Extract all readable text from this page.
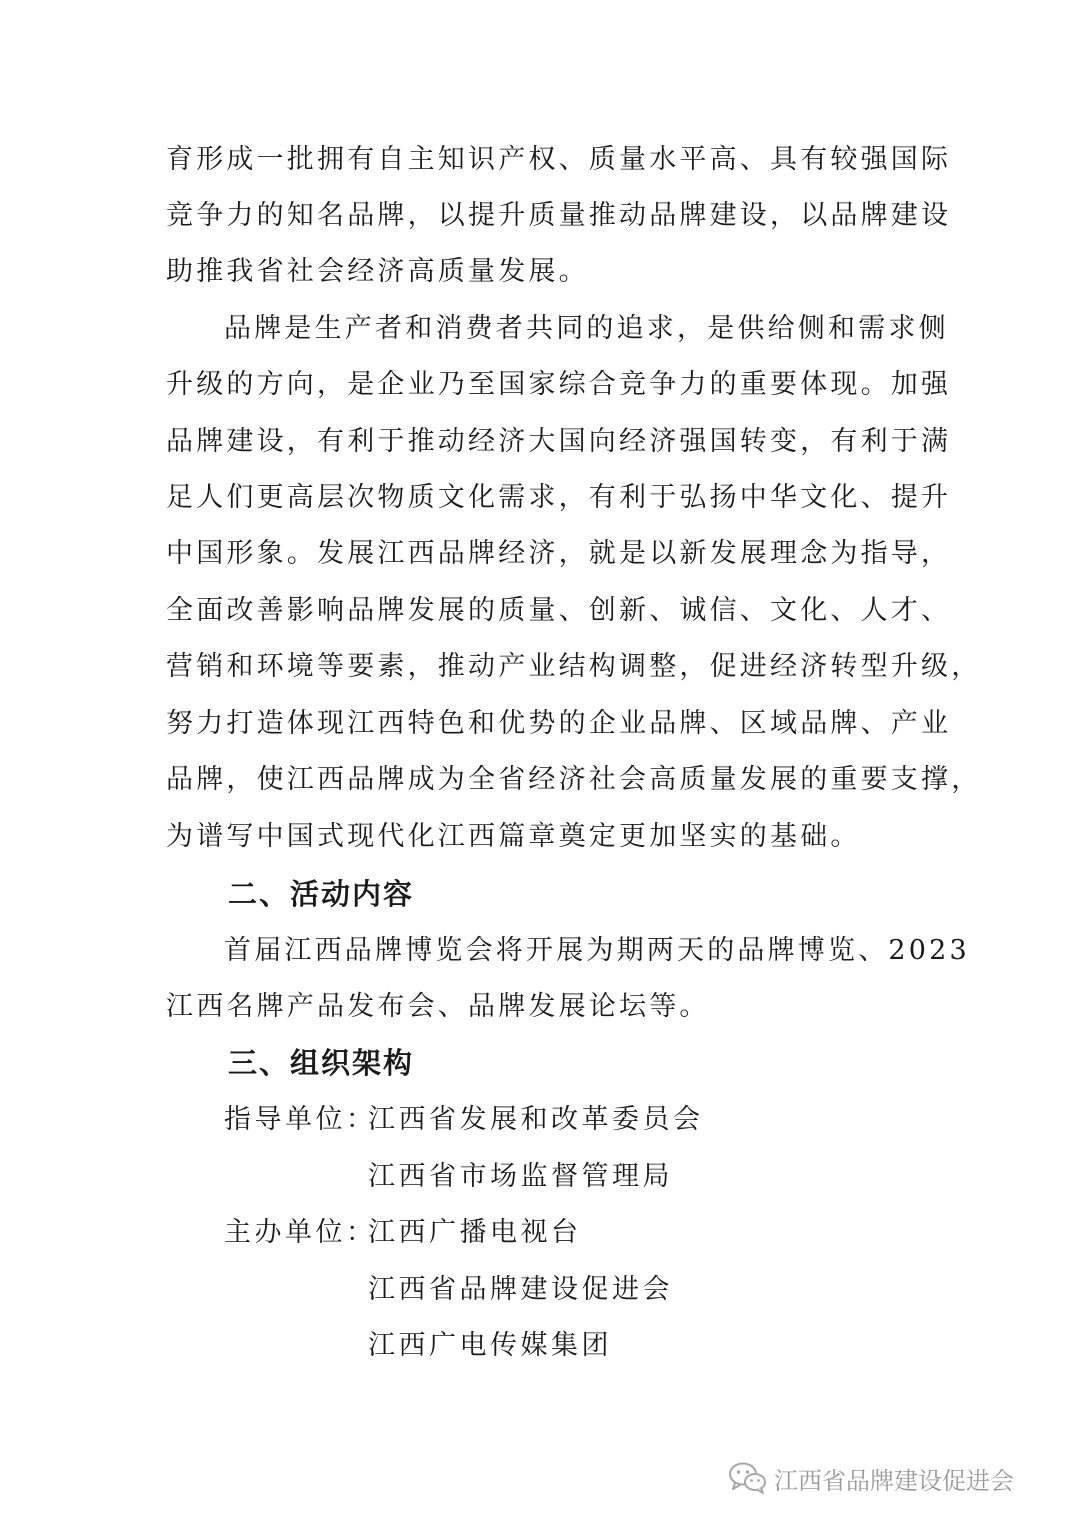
育形成一批拥有自主知识产权、质量水平高、具有较强国际
竞争力的知名品牌，以提升质量推动品牌建设，以品牌建设
助推我省社会经济高质量发展。
品牌是生产者和消费者共同的追求，是供给侧和需求侧
升级的方向，是企业乃至国家综合竞争力的重要体现。加强
品牌建设，有利于推动经济大国向经济强国转变，有利于满
足人们更高层次物质文化需求，有利于弘扬中华文化、提升
中国形象。发展江西品牌经济，就是以新发展理念为指导，
全面改善影响品牌发展的质量、创新、诚信、文化、人才、
营销和环境等要素，推动产业结构调整，促进经济转型升级，
努力打造体现江西特色和优势的企业品牌、区域品牌、产业
品牌，使江西品牌成为全省经济社会高质量发展的重要支撑，
为谱写中国式现代化江西篇章奠定更加坚实的基础。
二、活动内容
首届江西品牌博览会将开展为期两天的品牌博览、2023
江西名牌产品发布会、品牌发展论坛等。
三、组织架构
指导单位：
江西省发展和改革委员会
江西省市场监督管理局
主办单位：
江西广播电视台
江西省品牌建设促进会
江西广电传媒集团
江西省品牌建设促进会
